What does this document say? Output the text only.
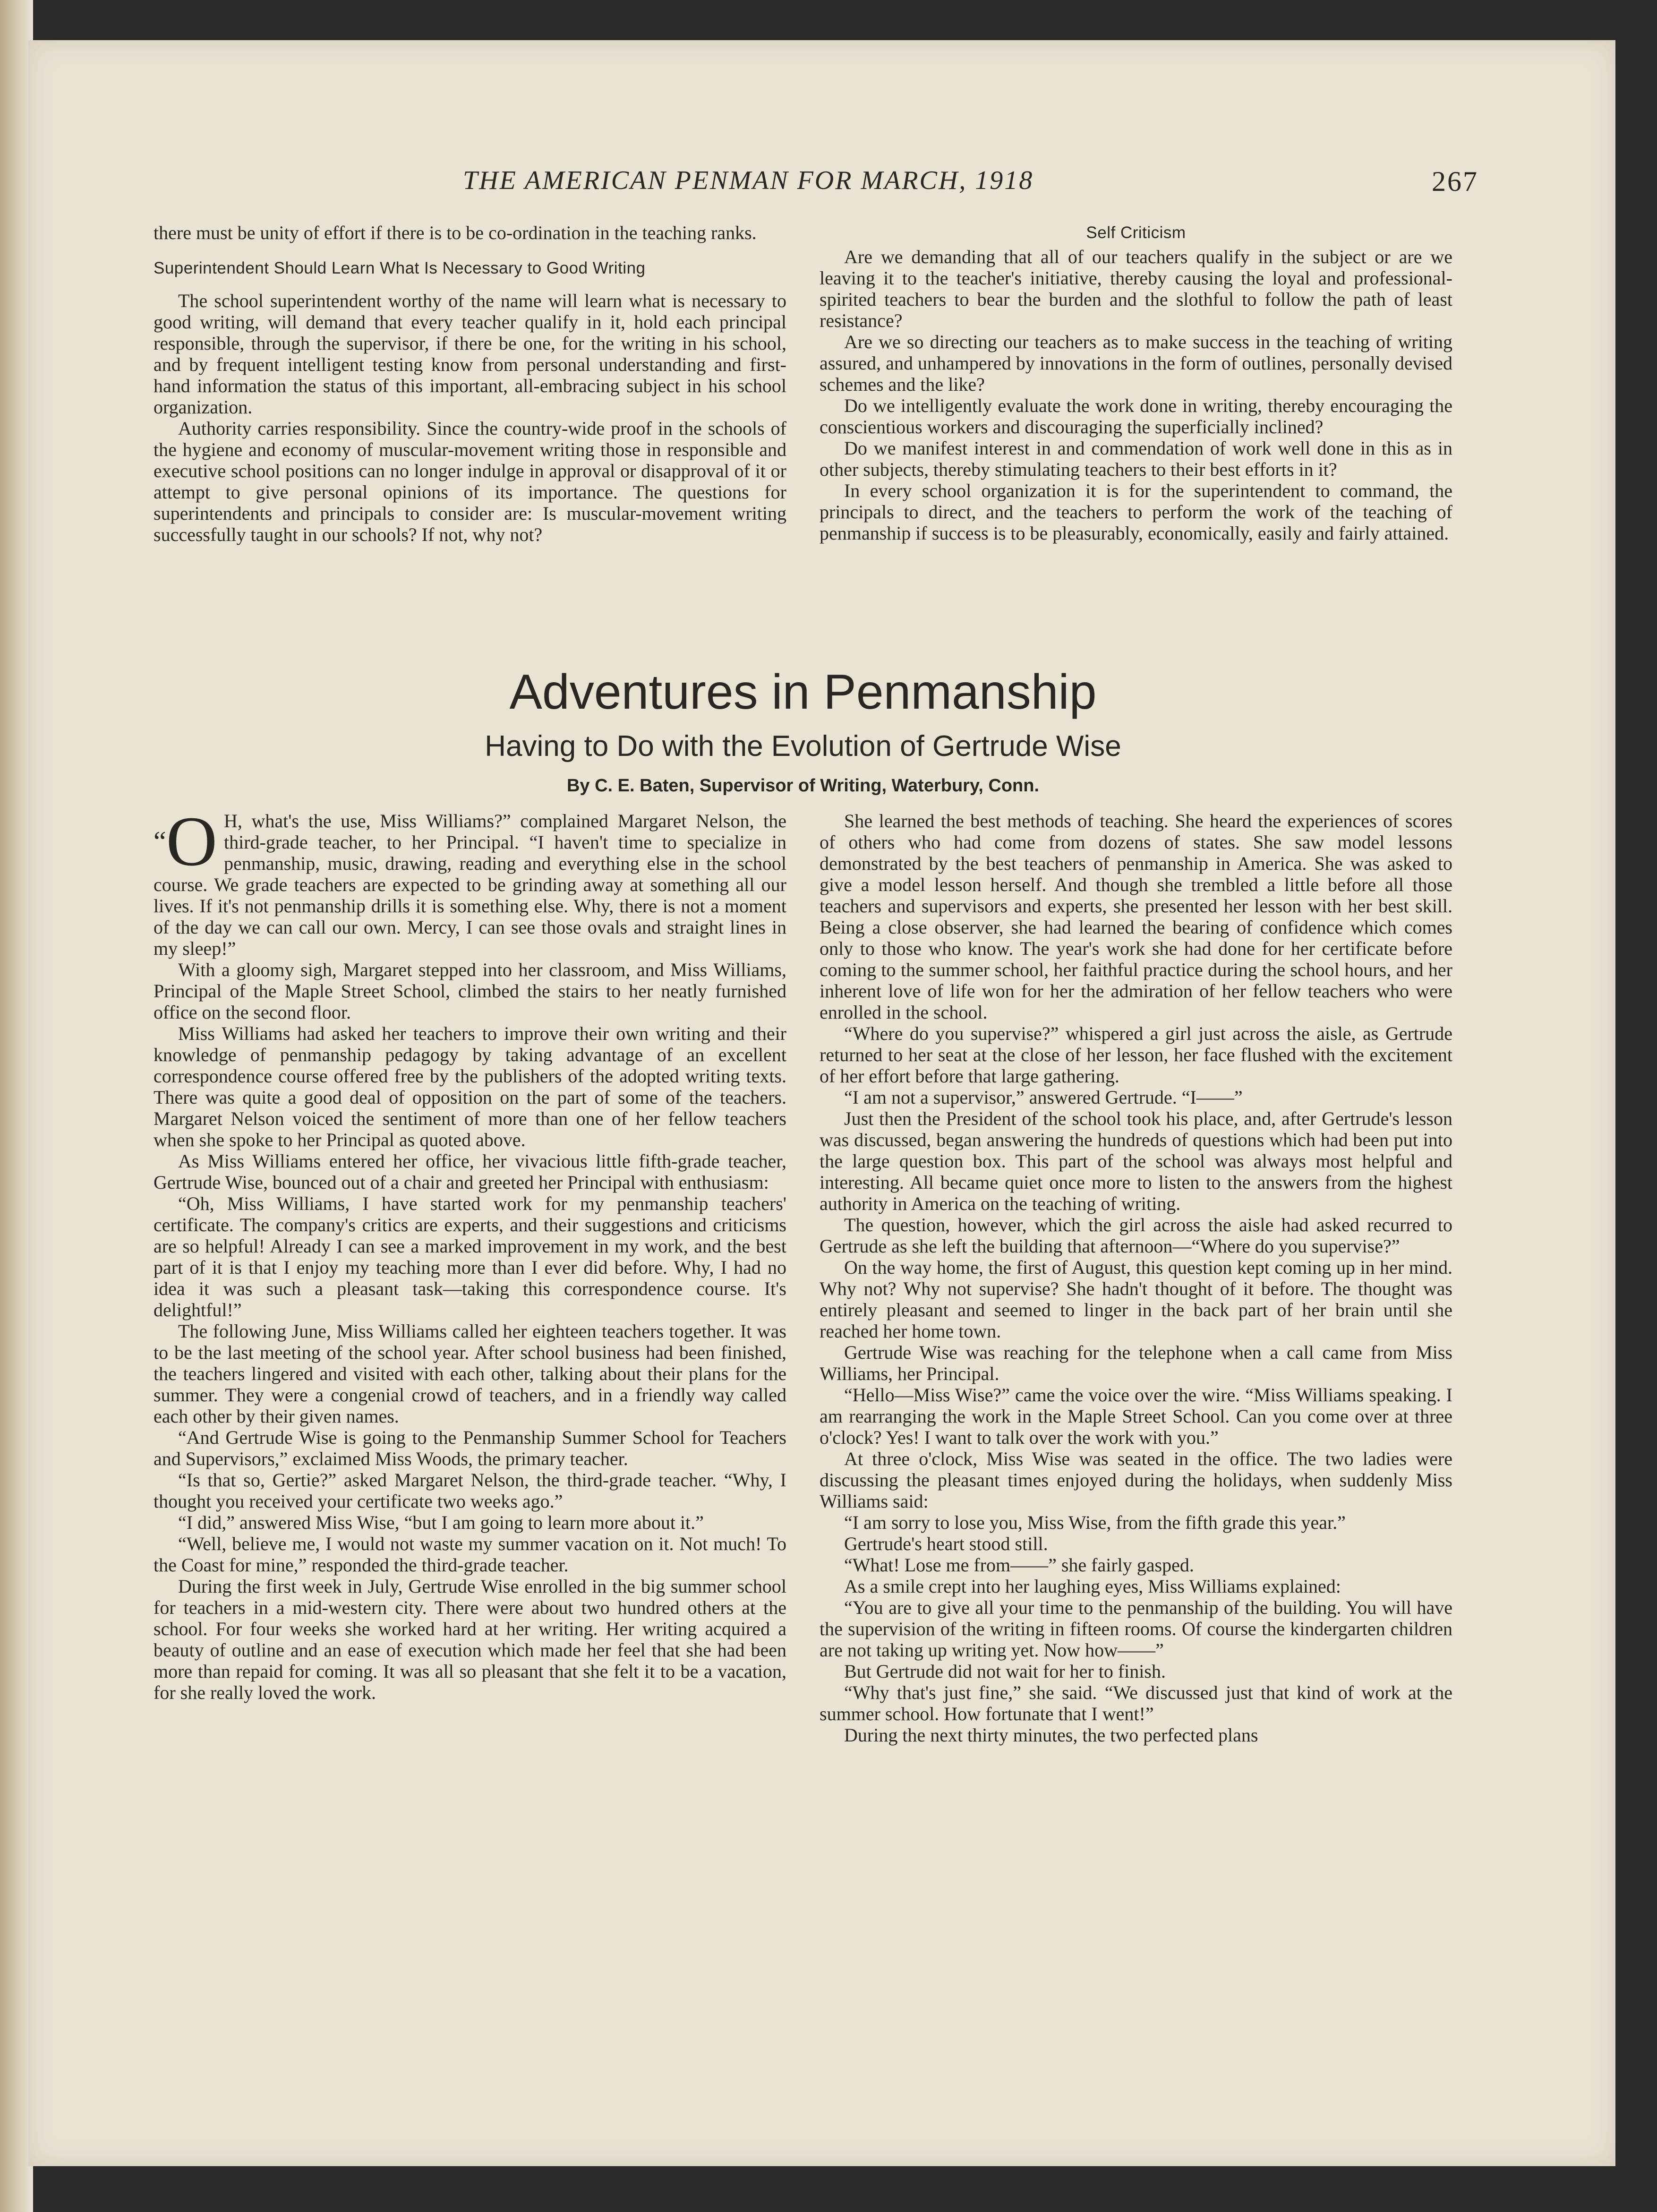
THE AMERICAN PENMAN FOR MARCH, 1918	267

there must be unity of effort if there is to be co-ordination in the teaching ranks.

Superintendent Should Learn What Is Necessary to Good Writing

The school superintendent worthy of the name will learn what is necessary to good writing, will demand that every teacher qualify in it, hold each principal responsible, through the supervisor, if there be one, for the writing in his school, and by frequent intelligent testing know from personal understanding and first-hand information the status of this important, all-embracing subject in his school organization.

Authority carries responsibility. Since the country-wide proof in the schools of the hygiene and economy of muscular-movement writing those in responsible and executive school positions can no longer indulge in approval or disapproval of it or attempt to give personal opinions of its importance. The questions for superintendents and principals to consider are: Is muscular-movement writing successfully taught in our schools? If not, why not?

Self Criticism

Are we demanding that all of our teachers qualify in the subject or are we leaving it to the teacher's initiative, thereby causing the loyal and professional-spirited teachers to bear the burden and the slothful to follow the path of least resistance?

Are we so directing our teachers as to make success in the teaching of writing assured, and unhampered by innovations in the form of outlines, personally devised schemes and the like?

Do we intelligently evaluate the work done in writing, thereby encouraging the conscientious workers and discouraging the superficially inclined?

Do we manifest interest in and commendation of work well done in this as in other subjects, thereby stimulating teachers to their best efforts in it?

In every school organization it is for the superintendent to command, the principals to direct, and the teachers to perform the work of the teaching of penmanship if success is to be pleasurably, economically, easily and fairly attained.

Adventures in Penmanship
Having to Do with the Evolution of Gertrude Wise
By C. E. Baten, Supervisor of Writing, Waterbury, Conn.

“O H, what's the use, Miss Williams?” complained Margaret Nelson, the third-grade teacher, to her Principal. “I haven't time to specialize in penmanship, music, drawing, reading and everything else in the school course. We grade teachers are expected to be grinding away at something all our lives. If it's not penmanship drills it is something else. Why, there is not a moment of the day we can call our own. Mercy, I can see those ovals and straight lines in my sleep!”

With a gloomy sigh, Margaret stepped into her classroom, and Miss Williams, Principal of the Maple Street School, climbed the stairs to her neatly furnished office on the second floor.

Miss Williams had asked her teachers to improve their own writing and their knowledge of penmanship pedagogy by taking advantage of an excellent correspondence course offered free by the publishers of the adopted writing texts. There was quite a good deal of opposition on the part of some of the teachers. Margaret Nelson voiced the sentiment of more than one of her fellow teachers when she spoke to her Principal as quoted above.

As Miss Williams entered her office, her vivacious little fifth-grade teacher, Gertrude Wise, bounced out of a chair and greeted her Principal with enthusiasm:

“Oh, Miss Williams, I have started work for my penmanship teachers' certificate. The company's critics are experts, and their suggestions and criticisms are so helpful! Already I can see a marked improvement in my work, and the best part of it is that I enjoy my teaching more than I ever did before. Why, I had no idea it was such a pleasant task—taking this correspondence course. It's delightful!”

The following June, Miss Williams called her eighteen teachers together. It was to be the last meeting of the school year. After school business had been finished, the teachers lingered and visited with each other, talking about their plans for the summer. They were a congenial crowd of teachers, and in a friendly way called each other by their given names.

“And Gertrude Wise is going to the Penmanship Summer School for Teachers and Supervisors,” exclaimed Miss Woods, the primary teacher.

“Is that so, Gertie?” asked Margaret Nelson, the third-grade teacher. “Why, I thought you received your certificate two weeks ago.”

“I did,” answered Miss Wise, “but I am going to learn more about it.”

“Well, believe me, I would not waste my summer vacation on it. Not much! To the Coast for mine,” responded the third-grade teacher.

During the first week in July, Gertrude Wise enrolled in the big summer school for teachers in a mid-western city. There were about two hundred others at the school. For four weeks she worked hard at her writing. Her writing acquired a beauty of outline and an ease of execution which made her feel that she had been more than repaid for coming. It was all so pleasant that she felt it to be a vacation, for she really loved the work.

She learned the best methods of teaching. She heard the experiences of scores of others who had come from dozens of states. She saw model lessons demonstrated by the best teachers of penmanship in America. She was asked to give a model lesson herself. And though she trembled a little before all those teachers and supervisors and experts, she presented her lesson with her best skill. Being a close observer, she had learned the bearing of confidence which comes only to those who know. The year's work she had done for her certificate before coming to the summer school, her faithful practice during the school hours, and her inherent love of life won for her the admiration of her fellow teachers who were enrolled in the school.

“Where do you supervise?” whispered a girl just across the aisle, as Gertrude returned to her seat at the close of her lesson, her face flushed with the excitement of her effort before that large gathering.

“I am not a supervisor,” answered Gertrude. “I——”

Just then the President of the school took his place, and, after Gertrude's lesson was discussed, began answering the hundreds of questions which had been put into the large question box. This part of the school was always most helpful and interesting. All became quiet once more to listen to the answers from the highest authority in America on the teaching of writing.

The question, however, which the girl across the aisle had asked recurred to Gertrude as she left the building that afternoon—“Where do you supervise?”

On the way home, the first of August, this question kept coming up in her mind. Why not? Why not supervise? She hadn't thought of it before. The thought was entirely pleasant and seemed to linger in the back part of her brain until she reached her home town.

Gertrude Wise was reaching for the telephone when a call came from Miss Williams, her Principal.

“Hello—Miss Wise?” came the voice over the wire. “Miss Williams speaking. I am rearranging the work in the Maple Street School. Can you come over at three o'clock? Yes! I want to talk over the work with you.”

At three o'clock, Miss Wise was seated in the office. The two ladies were discussing the pleasant times enjoyed during the holidays, when suddenly Miss Williams said:

“I am sorry to lose you, Miss Wise, from the fifth grade this year.”

Gertrude's heart stood still.

“What! Lose me from——” she fairly gasped.

As a smile crept into her laughing eyes, Miss Williams explained:

“You are to give all your time to the penmanship of the building. You will have the supervision of the writing in fifteen rooms. Of course the kindergarten children are not taking up writing yet. Now how——”

But Gertrude did not wait for her to finish.

“Why that's just fine,” she said. “We discussed just that kind of work at the summer school. How fortunate that I went!”

During the next thirty minutes, the two perfected plans
